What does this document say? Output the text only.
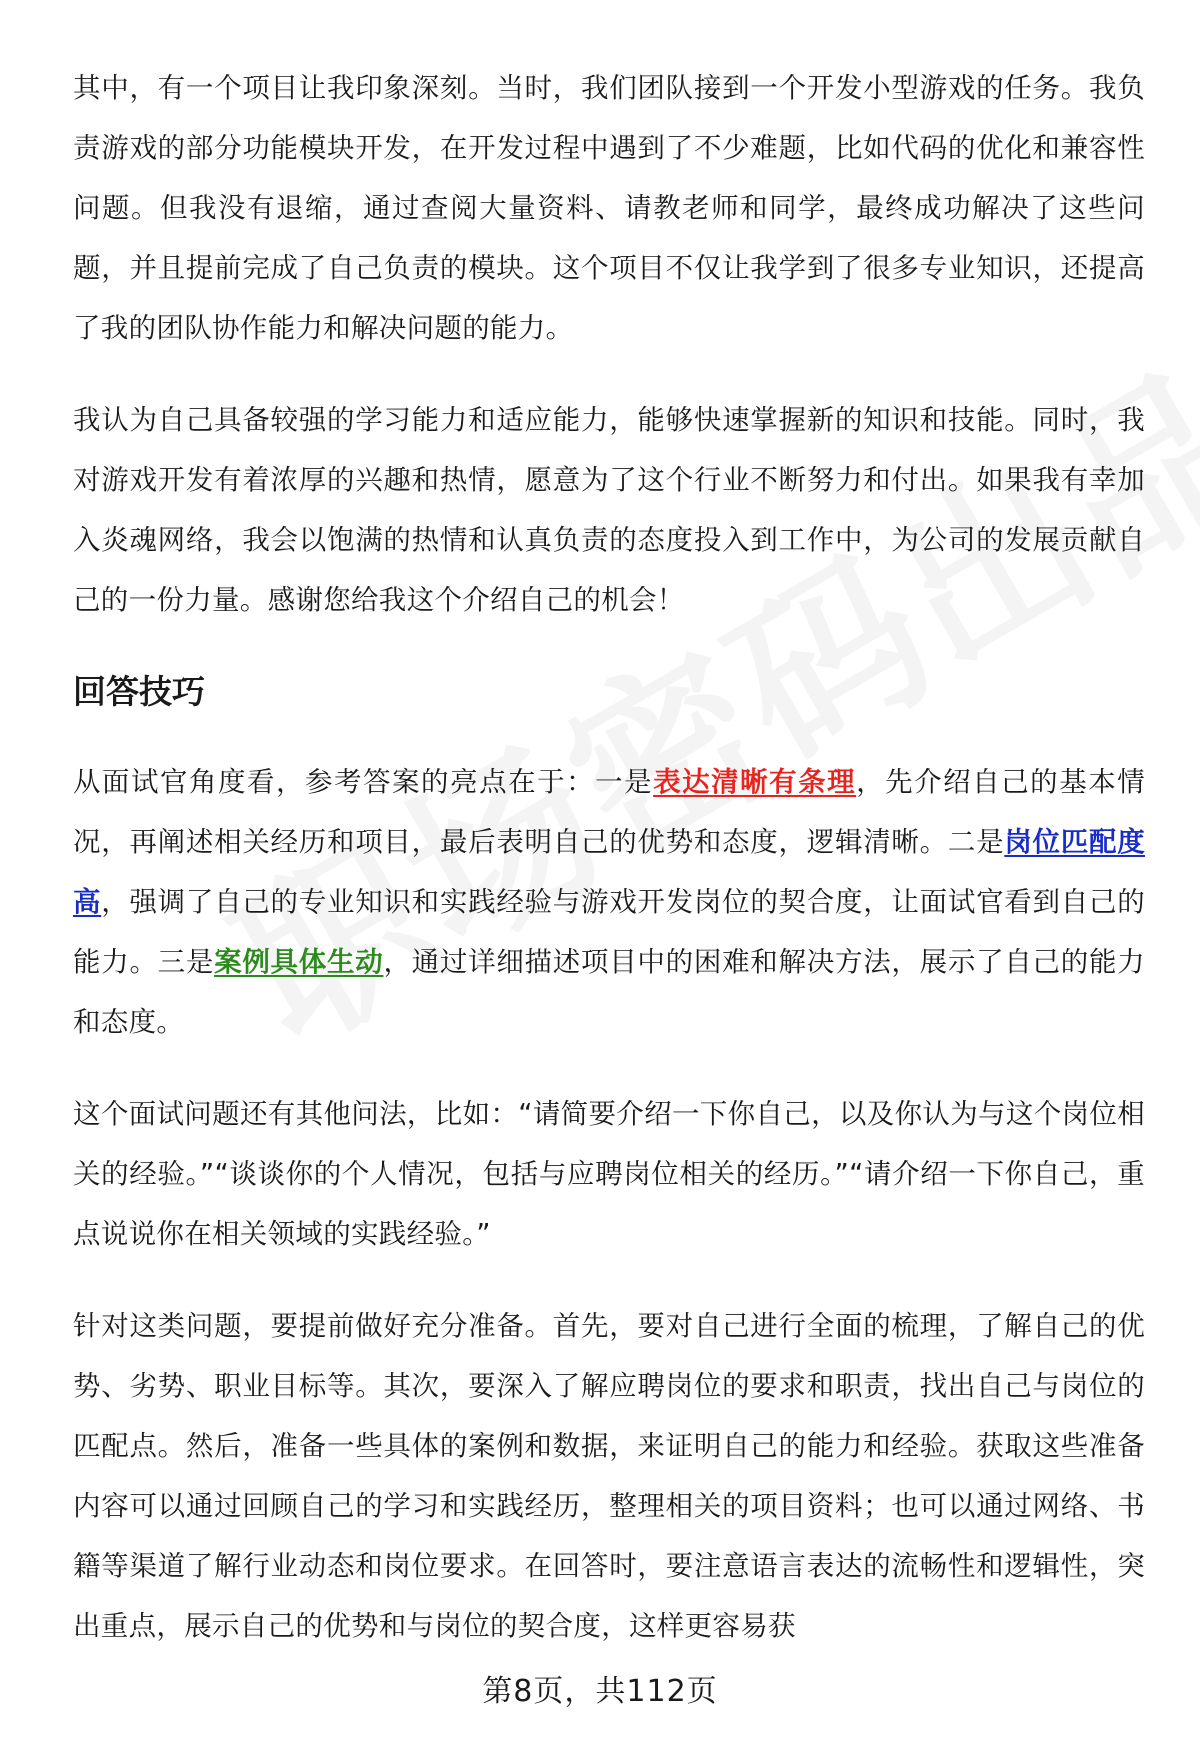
其中，有一个项目让我印象深刻。当时，我们团队接到一个开发小型游戏的任务。我负责游戏的部分功能模块开发，在开发过程中遇到了不少难题，比如代码的优化和兼容性问题。但我没有退缩，通过查阅大量资料、请教老师和同学，最终成功解决了这些问题，并且提前完成了自己负责的模块。这个项目不仅让我学到了很多专业知识，还提高了我的团队协作能力和解决问题的能力。

我认为自己具备较强的学习能力和适应能力，能够快速掌握新的知识和技能。同时，我对游戏开发有着浓厚的兴趣和热情，愿意为了这个行业不断努力和付出。如果我有幸加入炎魂网络，我会以饱满的热情和认真负责的态度投入到工作中，为公司的发展贡献自己的一份力量。感谢您给我这个介绍自己的机会！

回答技巧

从面试官角度看，参考答案的亮点在于：一是表达清晰有条理，先介绍自己的基本情况，再阐述相关经历和项目，最后表明自己的优势和态度，逻辑清晰。二是岗位匹配度高，强调了自己的专业知识和实践经验与游戏开发岗位的契合度，让面试官看到自己的能力。三是案例具体生动，通过详细描述项目中的困难和解决方法，展示了自己的能力和态度。

这个面试问题还有其他问法，比如：“请简要介绍一下你自己，以及你认为与这个岗位相关的经验。”“谈谈你的个人情况，包括与应聘岗位相关的经历。”“请介绍一下你自己，重点说说你在相关领域的实践经验。”

针对这类问题，要提前做好充分准备。首先，要对自己进行全面的梳理，了解自己的优势、劣势、职业目标等。其次，要深入了解应聘岗位的要求和职责，找出自己与岗位的匹配点。然后，准备一些具体的案例和数据，来证明自己的能力和经验。获取这些准备内容可以通过回顾自己的学习和实践经历，整理相关的项目资料；也可以通过网络、书籍等渠道了解行业动态和岗位要求。在回答时，要注意语言表达的流畅性和逻辑性，突出重点，展示自己的优势和与岗位的契合度，这样更容易获

第8页，共112页
